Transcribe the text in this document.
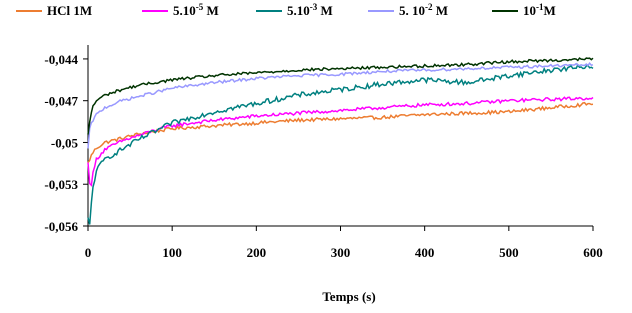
HCl 1M	$5.10^{-5}$ M	$5.10^{-3}$ M	5. $10^{-2}$ M	$10^{-1}M$
-0,044
-0,047
-0,05
-0,053
-0,056
0	100	200	300	400	500	600
Temps (s)
